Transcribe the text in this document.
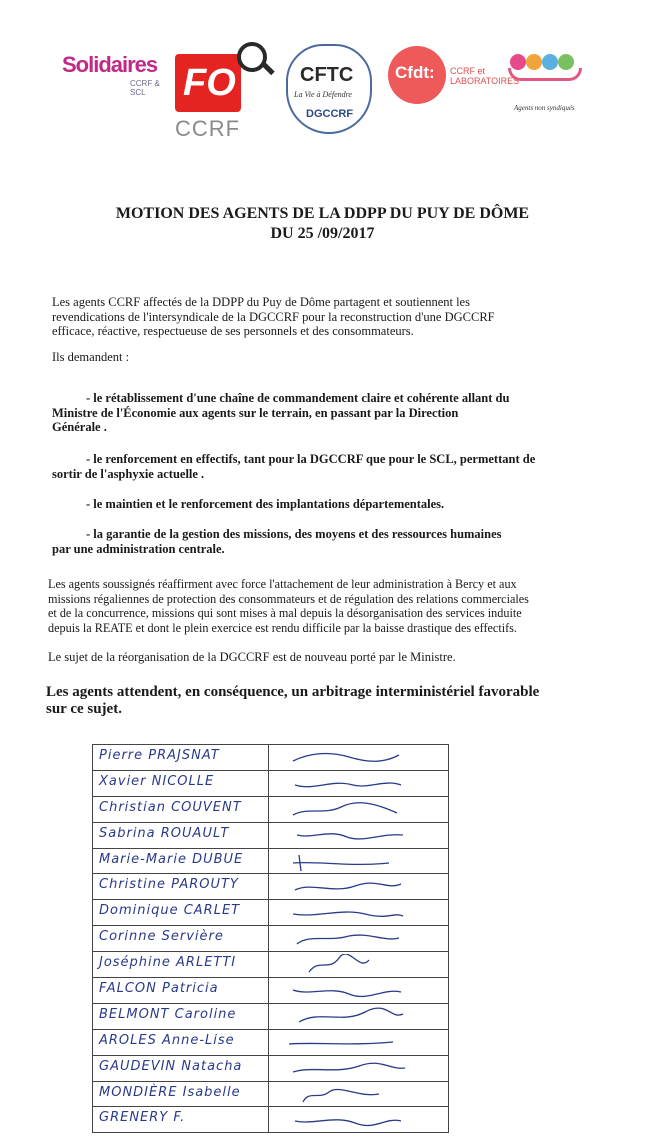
Solidaires
CCRF & SCL FO
CCRF
CFTC
La Vie à Défendre
DGCCRF
Cfdt: CCRF et LABORATOIRES
Agents non syndiqués
MOTION DES AGENTS DE LA DDPP DU PUY DE DÔME
DU 25 /09/2017
Les agents CCRF affectés de la DDPP du Puy de Dôme partagent et soutiennent les
revendications de l'intersyndicale de la DGCCRF pour la reconstruction d'une DGCCRF
efficace, réactive, respectueuse de ses personnels et des consommateurs.
Ils demandent :
- le rétablissement d'une chaîne de commandement claire et cohérente allant du
Ministre de l'Économie aux agents sur le terrain, en passant par la Direction
Générale .
- le renforcement en effectifs, tant pour la DGCCRF que pour le SCL, permettant de
sortir de l'asphyxie actuelle .
- le maintien et le renforcement des implantations départementales.
- la garantie de la gestion des missions, des moyens et des ressources humaines
par une administration centrale.
Les agents soussignés réaffirment avec force l'attachement de leur administration à Bercy et aux
missions régaliennes de protection des consommateurs et de régulation des relations commerciales
et de la concurrence, missions qui sont mises à mal depuis la désorganisation des services induite
depuis la REATE et dont le plein exercice est rendu difficile par la baisse drastique des effectifs.
Le sujet de la réorganisation de la DGCCRF est de nouveau porté par le Ministre.
Les agents attendent, en conséquence, un arbitrage interministériel favorable
sur ce sujet.
Pierre PRAJSNAT

Xavier NICOLLE

Christian COUVENT

Sabrina ROUAULT

Marie-Marie DUBUE

Christine PAROUTY

Dominique CARLET

Corinne Servière

Joséphine ARLETTI

FALCON Patricia

BELMONT Caroline

AROLES Anne-Lise

GAUDEVIN Natacha

MONDIÈRE Isabelle

GRENERY F.
